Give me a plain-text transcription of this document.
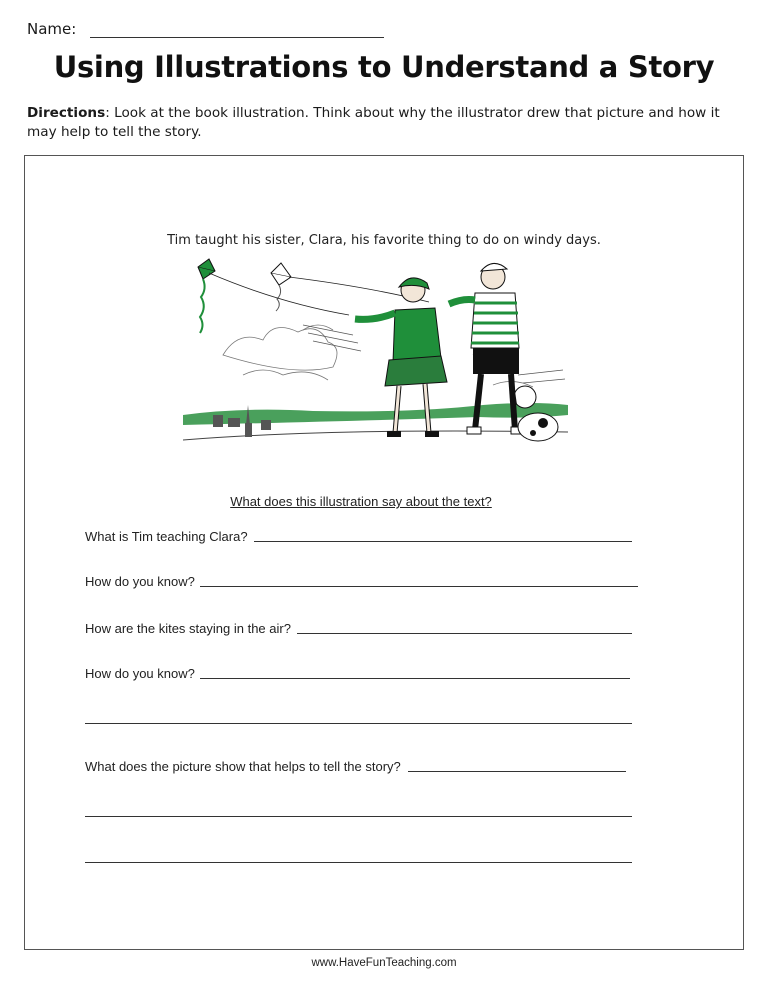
Name:
Using Illustrations to Understand a Story
Directions: Look at the book illustration. Think about why the illustrator drew that picture and how it may help to tell the story.
Tim taught his sister, Clara, his favorite thing to do on windy days.
What does this illustration say about the text?
What is Tim teaching Clara?
How do you know?
How are the kites staying in the air?
How do you know?
What does the picture show that helps to tell the story?
www.HaveFunTeaching.com
